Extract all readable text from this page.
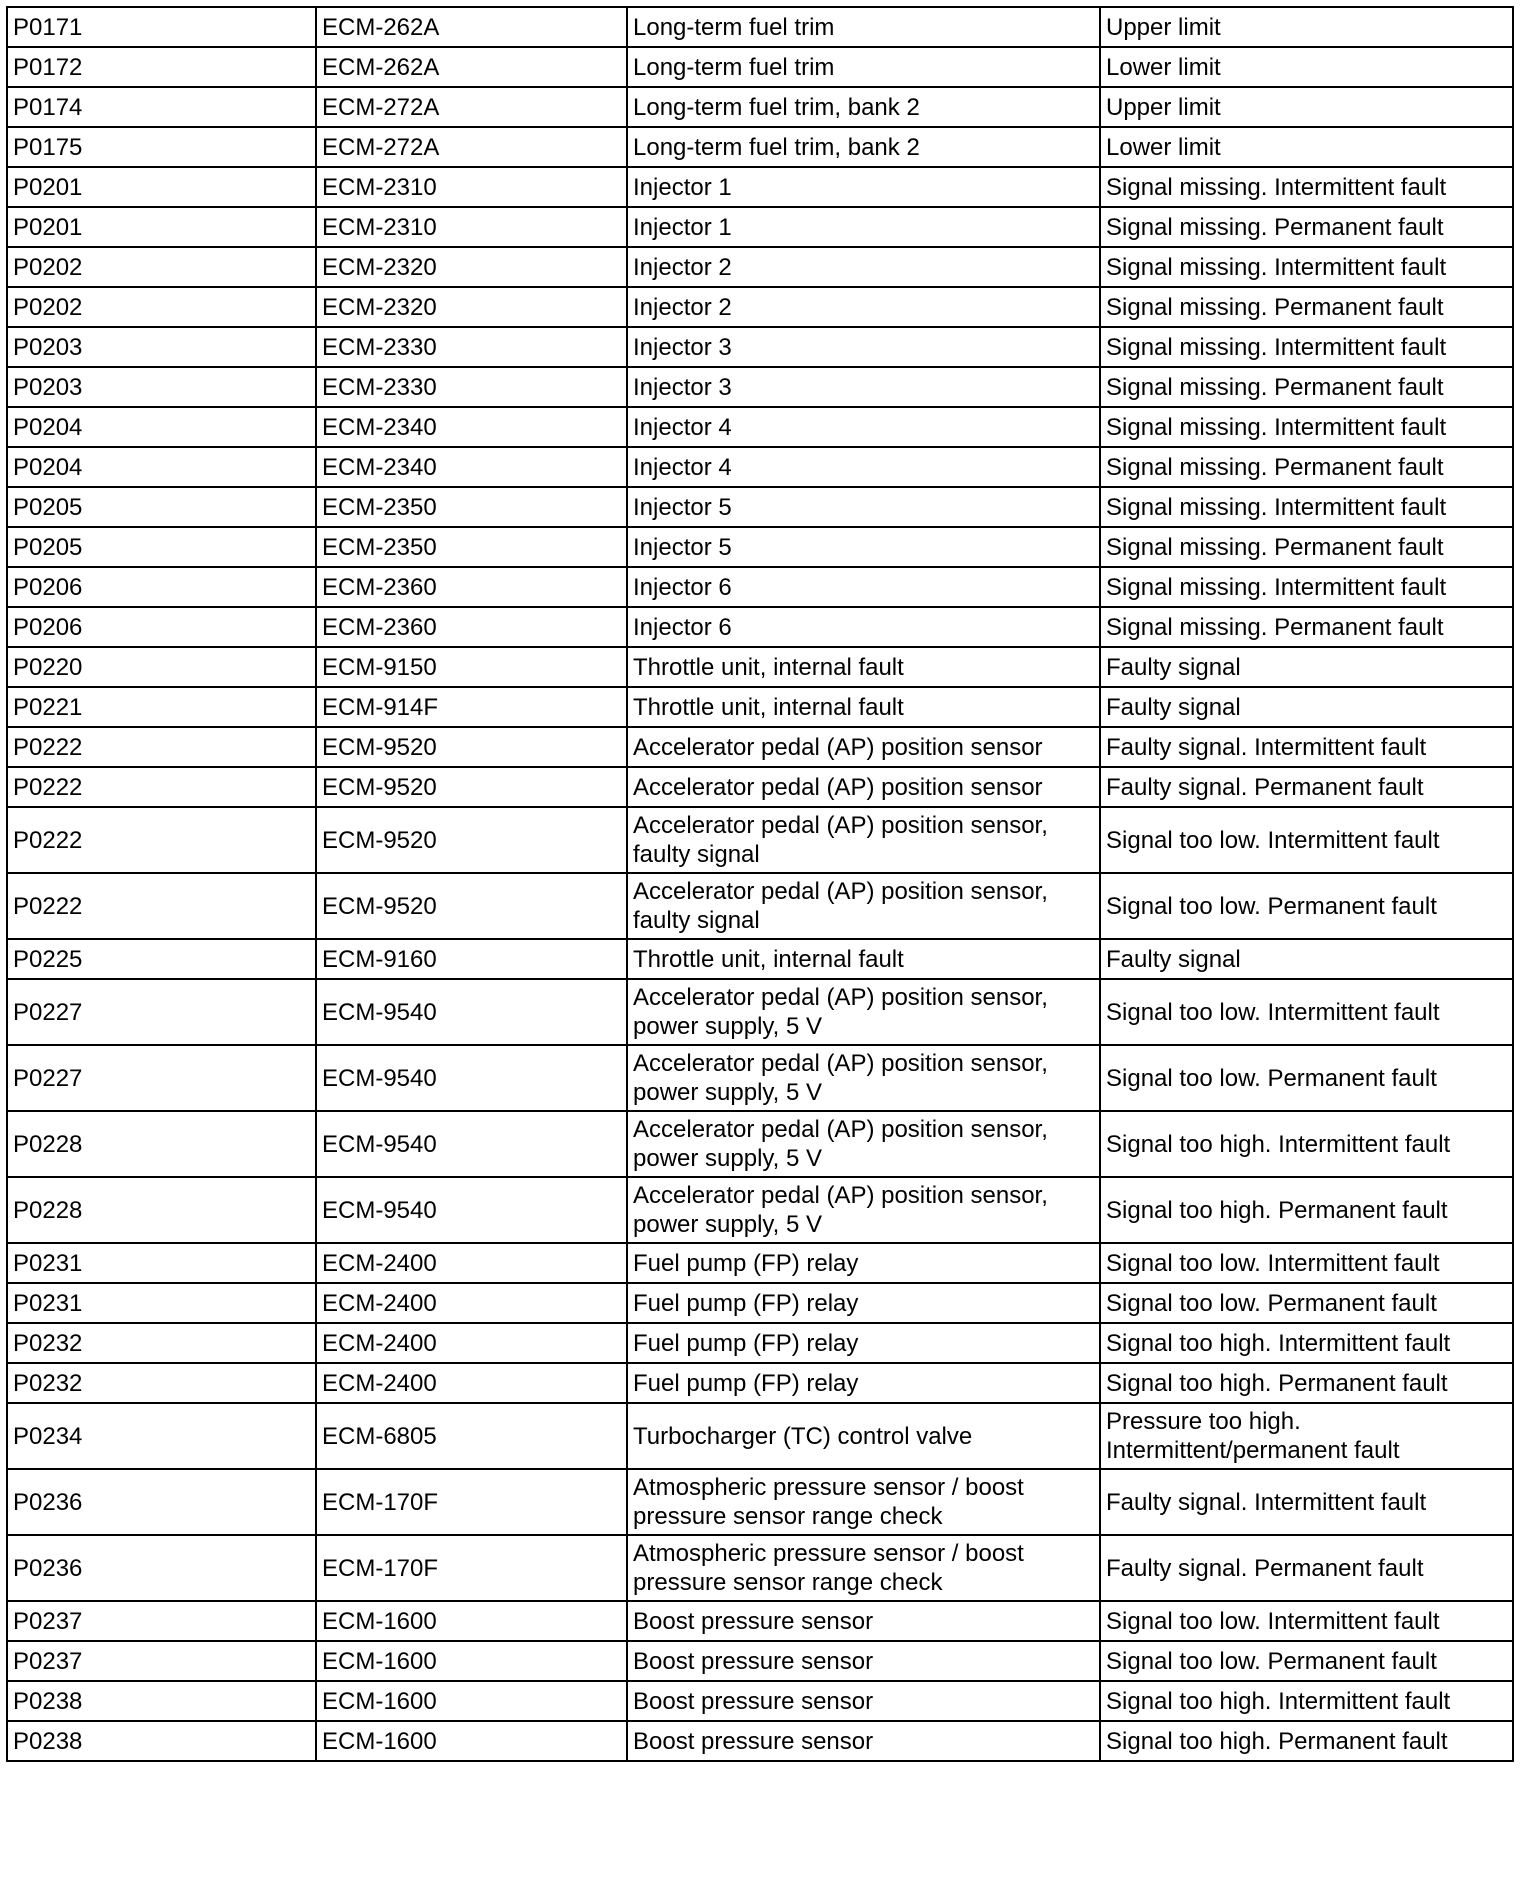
P0171	ECM-262A	Long-term fuel trim	Upper limit
P0172	ECM-262A	Long-term fuel trim	Lower limit
P0174	ECM-272A	Long-term fuel trim, bank 2	Upper limit
P0175	ECM-272A	Long-term fuel trim, bank 2	Lower limit
P0201	ECM-2310	Injector 1	Signal missing. Intermittent fault
P0201	ECM-2310	Injector 1	Signal missing. Permanent fault
P0202	ECM-2320	Injector 2	Signal missing. Intermittent fault
P0202	ECM-2320	Injector 2	Signal missing. Permanent fault
P0203	ECM-2330	Injector 3	Signal missing. Intermittent fault
P0203	ECM-2330	Injector 3	Signal missing. Permanent fault
P0204	ECM-2340	Injector 4	Signal missing. Intermittent fault
P0204	ECM-2340	Injector 4	Signal missing. Permanent fault
P0205	ECM-2350	Injector 5	Signal missing. Intermittent fault
P0205	ECM-2350	Injector 5	Signal missing. Permanent fault
P0206	ECM-2360	Injector 6	Signal missing. Intermittent fault
P0206	ECM-2360	Injector 6	Signal missing. Permanent fault
P0220	ECM-9150	Throttle unit, internal fault	Faulty signal
P0221	ECM-914F	Throttle unit, internal fault	Faulty signal
P0222	ECM-9520	Accelerator pedal (AP) position sensor	Faulty signal. Intermittent fault
P0222	ECM-9520	Accelerator pedal (AP) position sensor	Faulty signal. Permanent fault
P0222	ECM-9520	Accelerator pedal (AP) position sensor,
faulty signal	Signal too low. Intermittent fault
P0222	ECM-9520	Accelerator pedal (AP) position sensor,
faulty signal	Signal too low. Permanent fault
P0225	ECM-9160	Throttle unit, internal fault	Faulty signal
P0227	ECM-9540	Accelerator pedal (AP) position sensor,
power supply, 5 V	Signal too low. Intermittent fault
P0227	ECM-9540	Accelerator pedal (AP) position sensor,
power supply, 5 V	Signal too low. Permanent fault
P0228	ECM-9540	Accelerator pedal (AP) position sensor,
power supply, 5 V	Signal too high. Intermittent fault
P0228	ECM-9540	Accelerator pedal (AP) position sensor,
power supply, 5 V	Signal too high. Permanent fault
P0231	ECM-2400	Fuel pump (FP) relay	Signal too low. Intermittent fault
P0231	ECM-2400	Fuel pump (FP) relay	Signal too low. Permanent fault
P0232	ECM-2400	Fuel pump (FP) relay	Signal too high. Intermittent fault
P0232	ECM-2400	Fuel pump (FP) relay	Signal too high. Permanent fault
P0234	ECM-6805	Turbocharger (TC) control valve	Pressure too high.
Intermittent/permanent fault
P0236	ECM-170F	Atmospheric pressure sensor / boost
pressure sensor range check	Faulty signal. Intermittent fault
P0236	ECM-170F	Atmospheric pressure sensor / boost
pressure sensor range check	Faulty signal. Permanent fault
P0237	ECM-1600	Boost pressure sensor	Signal too low. Intermittent fault
P0237	ECM-1600	Boost pressure sensor	Signal too low. Permanent fault
P0238	ECM-1600	Boost pressure sensor	Signal too high. Intermittent fault
P0238	ECM-1600	Boost pressure sensor	Signal too high. Permanent fault
